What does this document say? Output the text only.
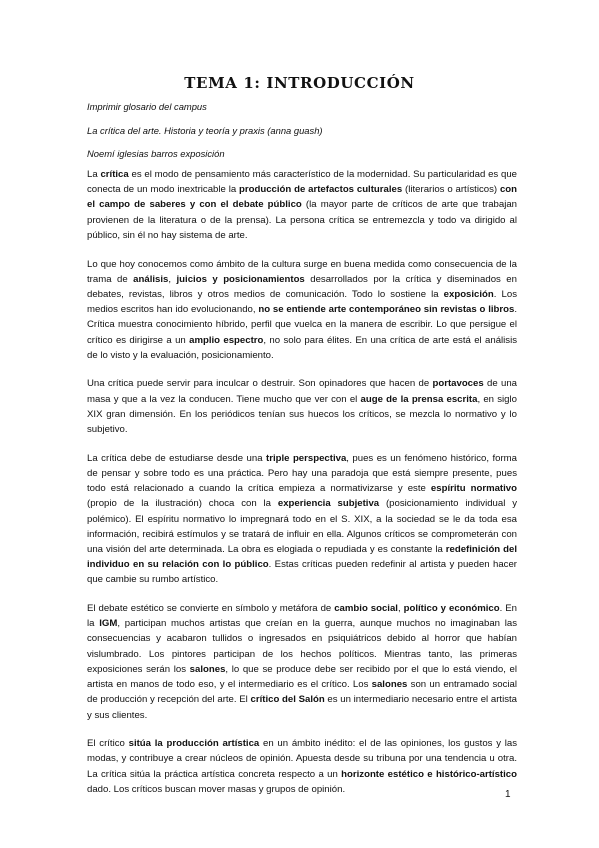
TEMA 1: INTRODUCCIÓN

Imprimir glosario del campus

La crítica del arte. Historia y teoría y praxis (anna guash)

Noemí iglesias barros exposición

La crítica es el modo de pensamiento más característico de la modernidad. Su particularidad es que conecta de un modo inextricable la producción de artefactos culturales (literarios o artísticos) con el campo de saberes y con el debate público (la mayor parte de críticos de arte que trabajan provienen de la literatura o de la prensa). La persona crítica se entremezcla y todo va dirigido al público, sin él no hay sistema de arte.

Lo que hoy conocemos como ámbito de la cultura surge en buena medida como consecuencia de la trama de análisis, juicios y posicionamientos desarrollados por la crítica y diseminados en debates, revistas, libros y otros medios de comunicación. Todo lo sostiene la exposición. Los medios escritos han ido evolucionando, no se entiende arte contemporáneo sin revistas o libros. Crítica muestra conocimiento híbrido, perfil que vuelca en la manera de escribir. Lo que persigue el crítico es dirigirse a un amplio espectro, no solo para élites. En una crítica de arte está el análisis de lo visto y la evaluación, posicionamiento.

Una crítica puede servir para inculcar o destruir. Son opinadores que hacen de portavoces de una masa y que a la vez la conducen. Tiene mucho que ver con el auge de la prensa escrita, en siglo XIX gran dimensión. En los periódicos tenían sus huecos los críticos, se mezcla lo normativo y lo subjetivo.

La crítica debe de estudiarse desde una triple perspectiva, pues es un fenómeno histórico, forma de pensar y sobre todo es una práctica. Pero hay una paradoja que está siempre presente, pues todo está relacionado a cuando la crítica empieza a normativizarse y este espíritu normativo (propio de la ilustración) choca con la experiencia subjetiva (posicionamiento individual y polémico). El espíritu normativo lo impregnará todo en el S. XIX, a la sociedad se le da toda esa información, recibirá estímulos y se tratará de influir en ella. Algunos críticos se comprometerán con una visión del arte determinada. La obra es elogiada o repudiada y es constante la redefinición del individuo en su relación con lo público. Estas críticas pueden redefinir al artista y pueden hacer que cambie su rumbo artístico.

El debate estético se convierte en símbolo y metáfora de cambio social, político y económico. En la IGM, participan muchos artistas que creían en la guerra, aunque muchos no imaginaban las consecuencias y acabaron tullidos o ingresados en psiquiátricos debido al horror que habían vislumbrado. Los pintores participan de los hechos políticos. Mientras tanto, las primeras exposiciones serán los salones, lo que se produce debe ser recibido por el que lo está viendo, el artista en manos de todo eso, y el intermediario es el crítico. Los salones son un entramado social de producción y recepción del arte. El crítico del Salón es un intermediario necesario entre el artista y sus clientes.

El crítico sitúa la producción artística en un ámbito inédito: el de las opiniones, los gustos y las modas, y contribuye a crear núcleos de opinión. Apuesta desde su tribuna por una tendencia u otra. La crítica sitúa la práctica artística concreta respecto a un horizonte estético e histórico-artístico dado. Los críticos buscan mover masas y grupos de opinión.	1
